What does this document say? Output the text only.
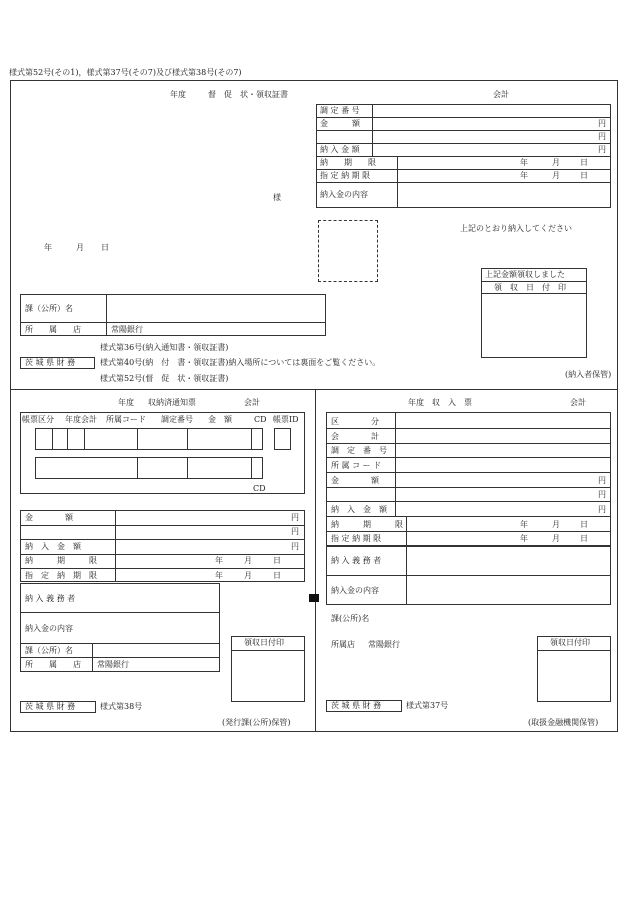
様式第52号(その1)，様式第37号(その7)及び様式第38号(その7)
年度	督　促　状・領収証書	会計
調 定 番 号
金　　　額	円
円
納 入 金 額	円
納　　期　　限	年	月	日
指 定 納 期 限	年	月	日
納入金の内容
様
年	月 日
上記のとおり納入してください
上記金額領収しました
領　収　日　付　印
課（公所）名
所　　属　　店	常陽銀行
茨 城 県 財 務
様式第36号(納入通知書・領収証書)
様式第40号(納　付　書・領収証書)納入場所については裏面をご覧ください。
様式第52号(督　促　状・領収証書)	(納入者保管)
年度 収納済通知票	会計
帳票区分 年度会計 所属コード 調定番号 金　額	CD 帳票ID
CD
金　　　　額	円
円
納　入　金　額	円
納　　　期　　　限	年	月	日
指　定　納　期　限	年	月	日
納 入 義 務 者
納入金の内容
課（公所）名
所　　属　　店 常陽銀行
領収日付印
茨 城 県 財 務	様式第38号
(発行課(公所)保管)
年度 収　入　票	会計
区　　　　分
会　　　　計
調　定　番　号
所 属 コ ー ド
金　　　　額	円
円
納　入　金　額	円
納　　　期　　　限	年	月	日
指 定 納 期 限	年	月	日
納 入 義 務 者
納入金の内容
課(公所)名
所属店 常陽銀行	領収日付印
茨 城 県 財 務	様式第37号
(取扱金融機関保管)
